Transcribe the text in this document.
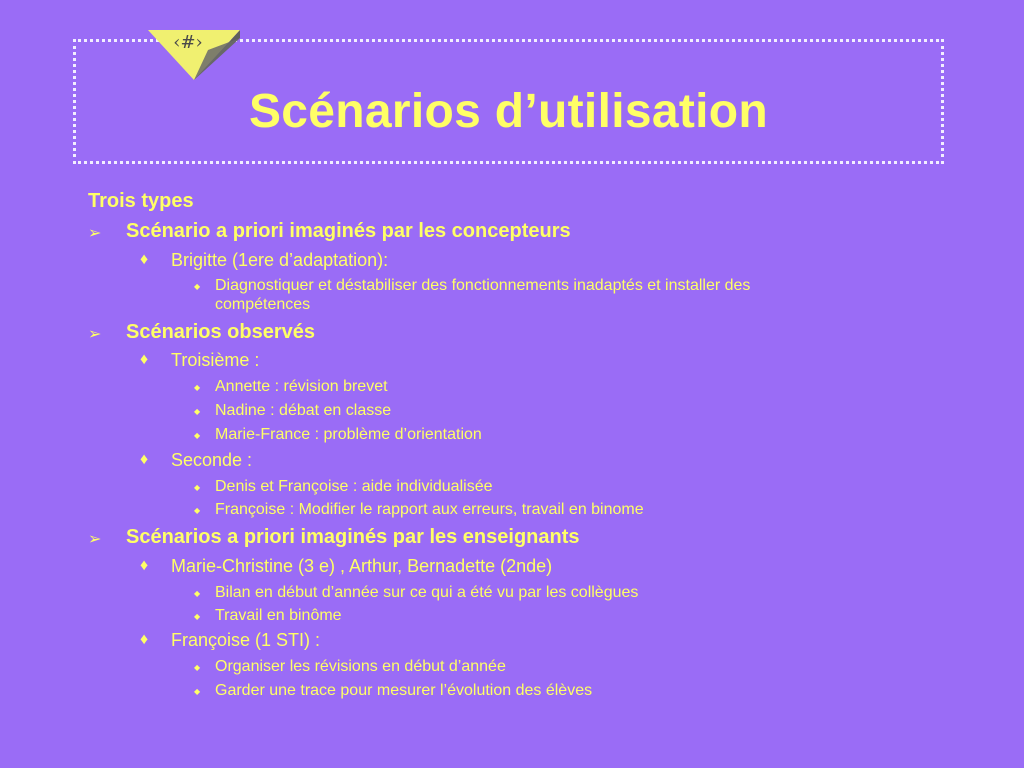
‹#›
Scénarios d’utilisation
Trois types
➢ Scénario a priori imaginés par les concepteurs
♦ Brigitte (1ere d’adaptation):
◆ Diagnostiquer et déstabiliser des fonctionnements inadaptés et installer des
compétences
➢ Scénarios observés
♦ Troisième :
◆ Annette : révision brevet
◆ Nadine : débat en classe
◆ Marie-France : problème d’orientation
♦ Seconde :
◆ Denis et Françoise : aide individualisée
◆ Françoise : Modifier le rapport aux erreurs, travail en binome
➢ Scénarios a priori imaginés par les enseignants
♦ Marie-Christine (3 e) , Arthur, Bernadette (2nde)
◆ Bilan en début d’année sur ce qui a été vu par les collègues
◆ Travail en binôme
♦ Françoise (1 STI) :
◆ Organiser les révisions en début d’année
◆ Garder une trace pour mesurer l’évolution des élèves
